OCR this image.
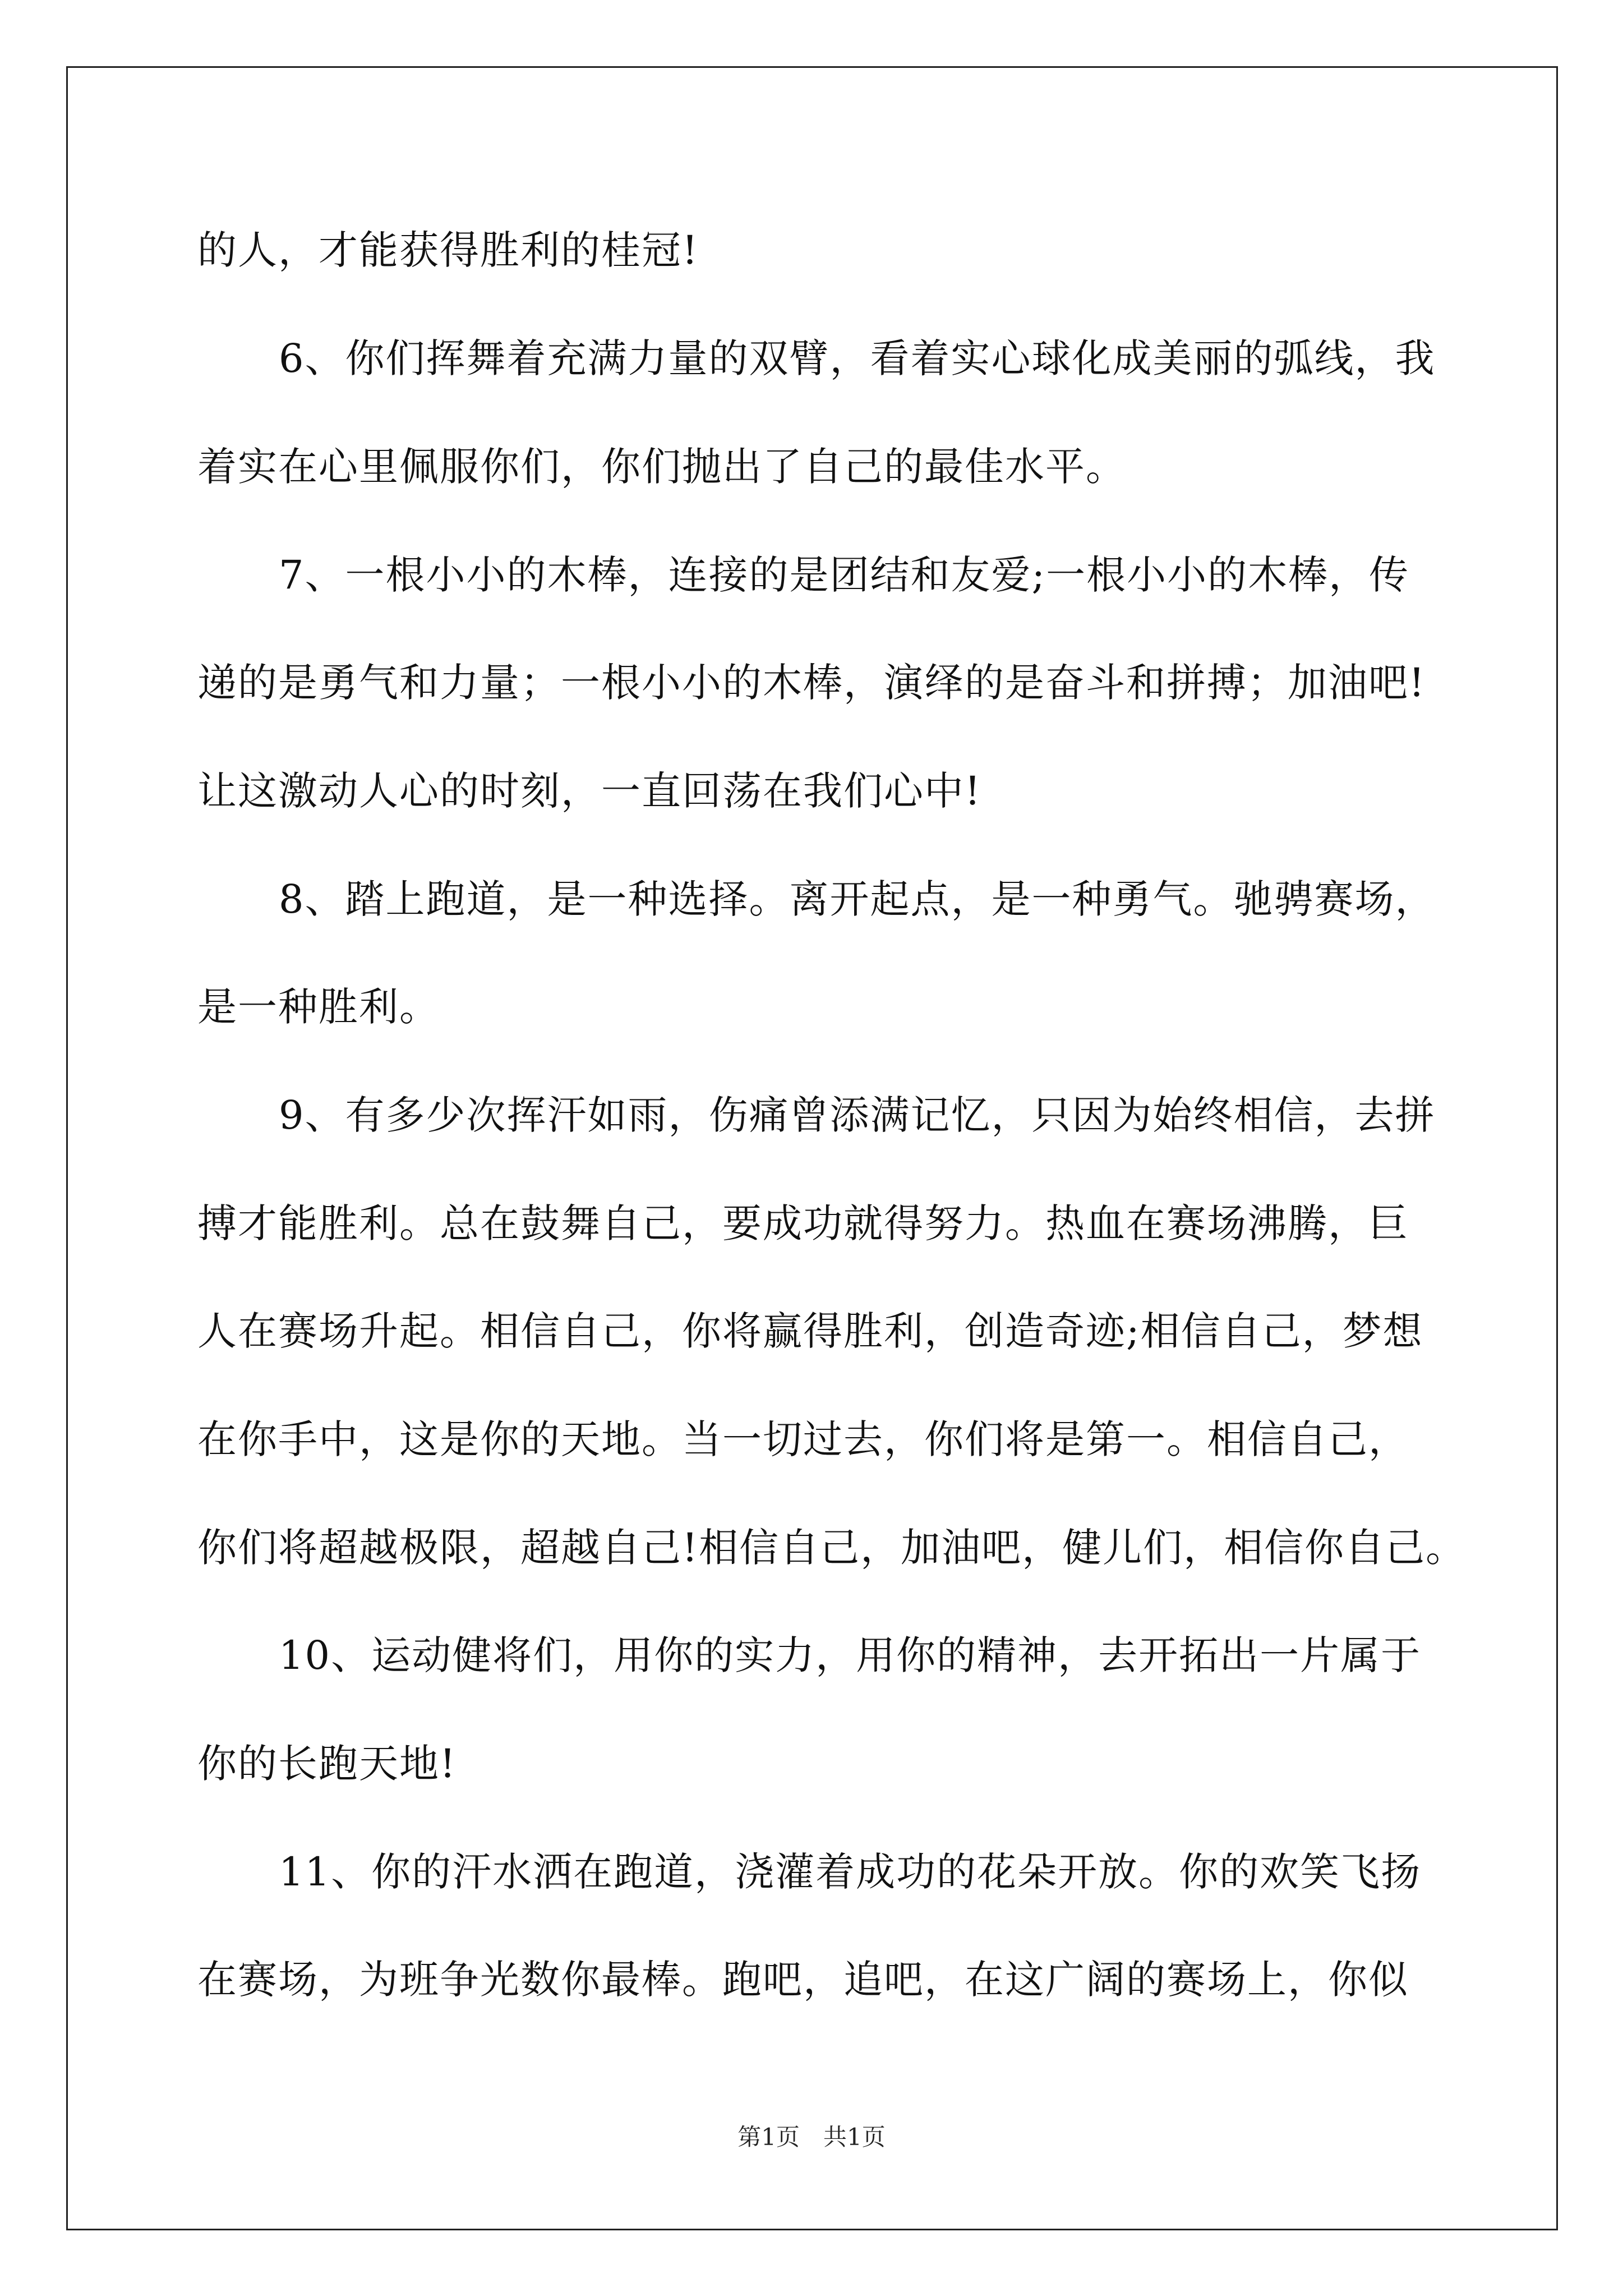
的人，才能获得胜利的桂冠!
6、你们挥舞着充满力量的双臂，看着实心球化成美丽的弧线，我
着实在心里佩服你们，你们抛出了自己的最佳水平。
7、一根小小的木棒，连接的是团结和友爱;一根小小的木棒，传
递的是勇气和力量；一根小小的木棒，演绎的是奋斗和拼搏；加油吧!
让这激动人心的时刻，一直回荡在我们心中!
8、踏上跑道，是一种选择。离开起点，是一种勇气。驰骋赛场，
是一种胜利。
9、有多少次挥汗如雨，伤痛曾添满记忆，只因为始终相信，去拼
搏才能胜利。总在鼓舞自己，要成功就得努力。热血在赛场沸腾，巨
人在赛场升起。相信自己，你将赢得胜利，创造奇迹;相信自己，梦想
在你手中，这是你的天地。当一切过去，你们将是第一。相信自己，
你们将超越极限，超越自己!相信自己，加油吧，健儿们，相信你自己。
10、运动健将们，用你的实力，用你的精神，去开拓出一片属于
你的长跑天地!
11、你的汗水洒在跑道，浇灌着成功的花朵开放。你的欢笑飞扬
在赛场，为班争光数你最棒。跑吧，追吧，在这广阔的赛场上，你似
第1页　共1页
